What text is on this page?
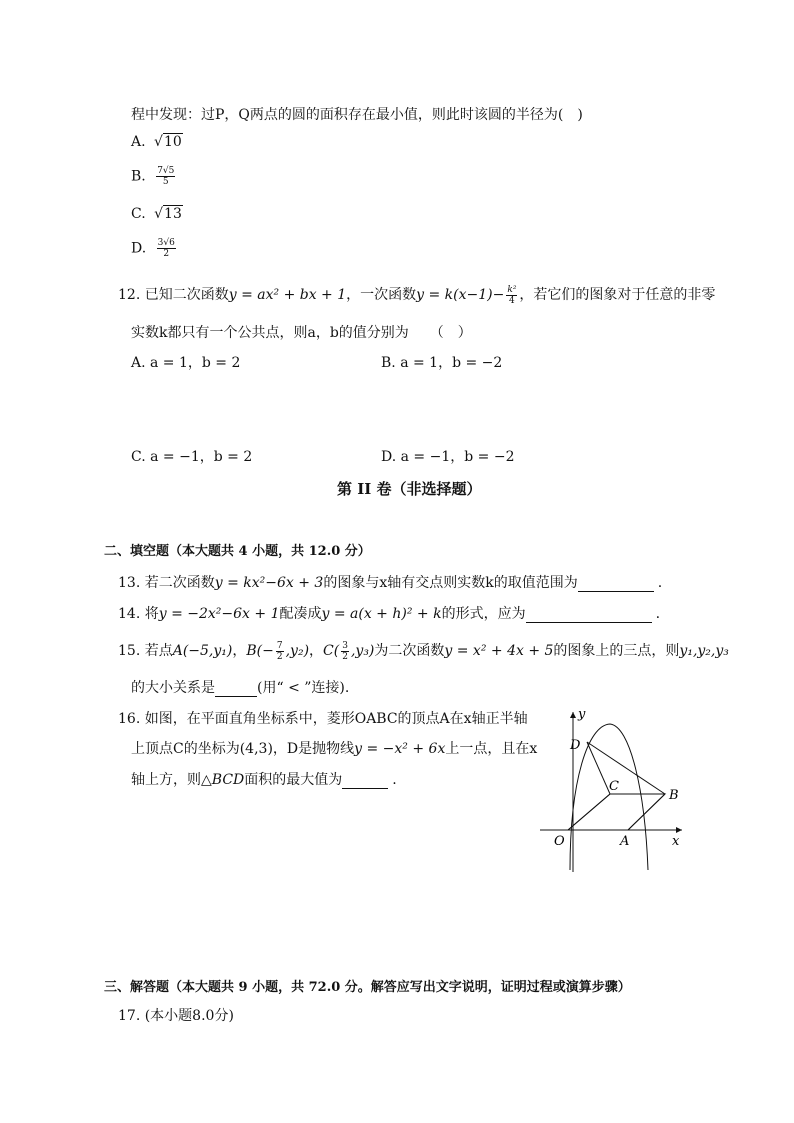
程中发现：过P，Q两点的圆的面积存在最小值，则此时该圆的半径为(　)
A. √10
B. $\frac{7√5}{5}$
C. √13
D. $\frac{3√6}{2}$
12. 已知二次函数y = ax² + bx + 1，一次函数$y = k(x-1)- \frac{\text{k²}}{4}$ ，若它们的图象对于任意的非零
实数k都只有一个公共点，则a，b的值分别为　　（　）
A. a = 1，b = 2	B. a = 1，b = −2
C. a = −1，b = 2	D. a = −1，b = −2
第 II 卷（非选择题）
二、填空题（本大题共 4 小题，共 12.0 分）
13. 若二次函数y = kx²−6x + 3的图象与x轴有交点则实数k的取值范围为	.
14. 将y = −2x²−6x + 1配凑成y = a(x + h)² + k的形式，应为	.
15. 若点A(−5,y₁)，$B(- \frac{7}{2} ,y_2)$，$C( \frac{3}{2} ,y_3)$为二次函数y = x² + 4x + 5的图象上的三点，则y₁,y₂,y₃
的大小关系是	(用“ < ”连接).
16. 如图，在平面直角坐标系中，菱形OABC的顶点A在x轴正半轴
上顶点C的坐标为(4,3)，D是抛物线y = −x² + 6x上一点，且在x
轴上方，则△BCD面积的最大值为	.
y
x
O	A
B
C
D
三、解答题（本大题共 9 小题，共 72.0 分。解答应写出文字说明，证明过程或演算步骤）
17. (本小题8.0分)
